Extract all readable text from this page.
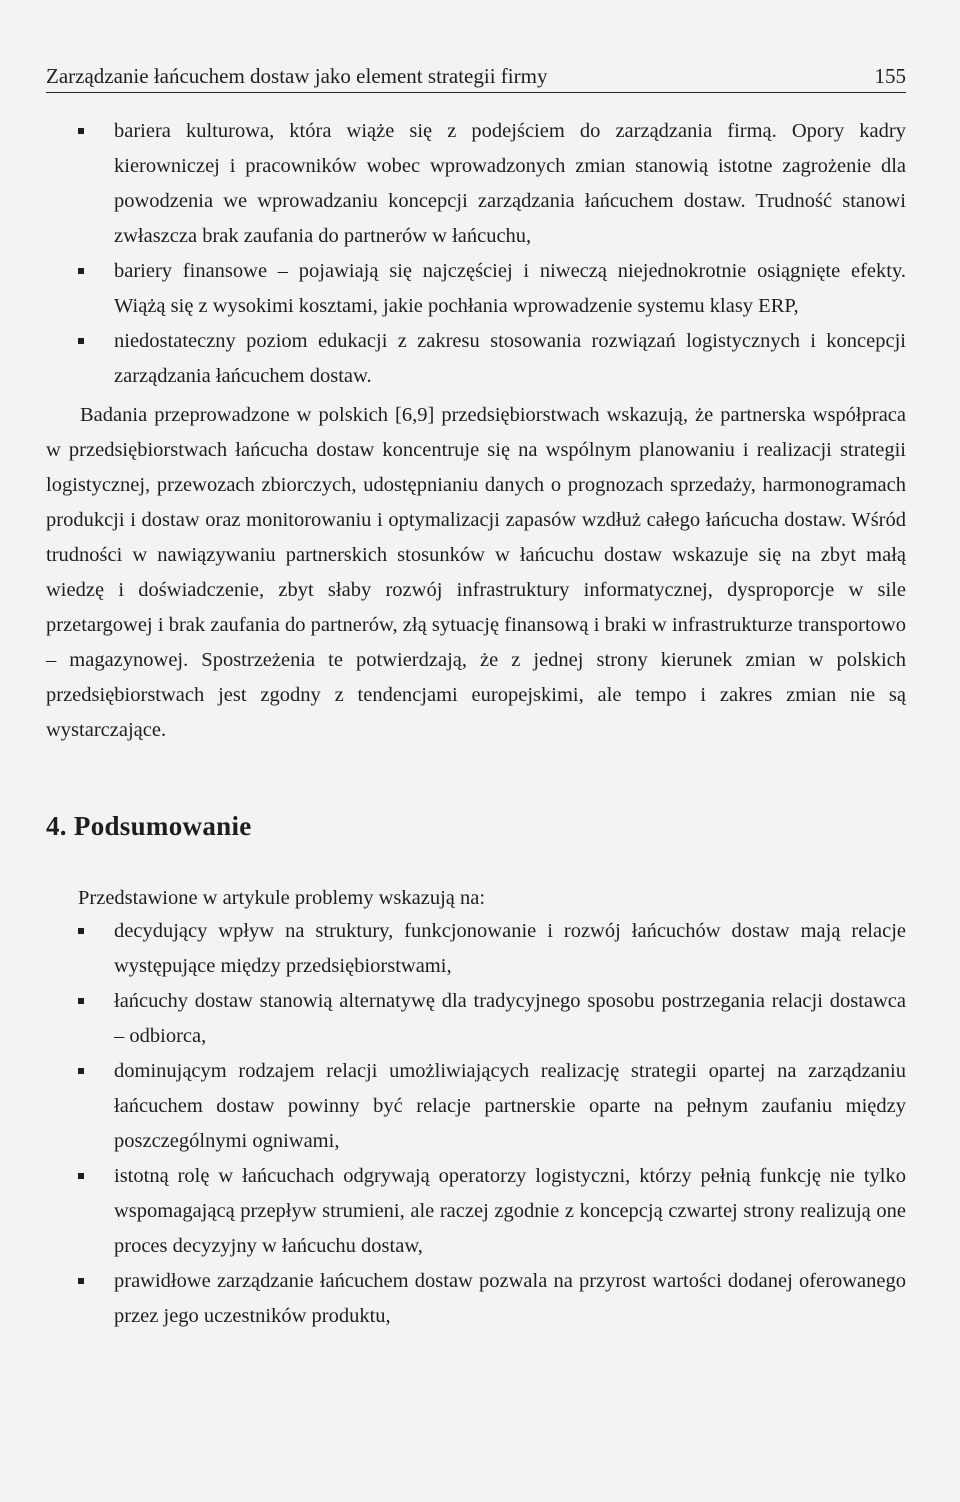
Zarządzanie łańcuchem dostaw jako element strategii firmy	155
bariera kulturowa, która wiąże się z podejściem do zarządzania firmą. Opory kadry kierowniczej i pracowników wobec wprowadzonych zmian stanowią istotne zagrożenie dla powodzenia we wprowadzaniu koncepcji zarządzania łańcuchem dostaw. Trudność stanowi zwłaszcza brak zaufania do partnerów w łańcuchu,
bariery finansowe – pojawiają się najczęściej i niweczą niejednokrotnie osiągnięte efekty. Wiążą się z wysokimi kosztami, jakie pochłania wprowadzenie systemu klasy ERP,
niedostateczny poziom edukacji z zakresu stosowania rozwiązań logistycznych i koncepcji zarządzania łańcuchem dostaw.

Badania przeprowadzone w polskich [6,9] przedsiębiorstwach wskazują, że partnerska współpraca w przedsiębiorstwach łańcucha dostaw koncentruje się na wspólnym planowaniu i realizacji strategii logistycznej, przewozach zbiorczych, udostępnianiu danych o prognozach sprzedaży, harmonogramach produkcji i dostaw oraz monitorowaniu i optymalizacji zapasów wzdłuż całego łańcucha dostaw. Wśród trudności w nawiązywaniu partnerskich stosunków w łańcuchu dostaw wskazuje się na zbyt małą wiedzę i doświadczenie, zbyt słaby rozwój infrastruktury informatycznej, dysproporcje w sile przetargowej i brak zaufania do partnerów, złą sytuację finansową i braki w infrastrukturze transportowo – magazynowej. Spostrzeżenia te potwierdzają, że z jednej strony kierunek zmian w polskich przedsiębiorstwach jest zgodny z tendencjami europejskimi, ale tempo i zakres zmian nie są wystarczające.

4. Podsumowanie

Przedstawione w artykule problemy wskazują na:

decydujący wpływ na struktury, funkcjonowanie i rozwój łańcuchów dostaw mają relacje występujące między przedsiębiorstwami,
łańcuchy dostaw stanowią alternatywę dla tradycyjnego sposobu postrzegania relacji dostawca – odbiorca,
dominującym rodzajem relacji umożliwiających realizację strategii opartej na zarządzaniu łańcuchem dostaw powinny być relacje partnerskie oparte na pełnym zaufaniu między poszczególnymi ogniwami,
istotną rolę w łańcuchach odgrywają operatorzy logistyczni, którzy pełnią funkcję nie tylko wspomagającą przepływ strumieni, ale raczej zgodnie z koncepcją czwartej strony realizują one proces decyzyjny w łańcuchu dostaw,
prawidłowe zarządzanie łańcuchem dostaw pozwala na przyrost wartości dodanej oferowanego przez jego uczestników produktu,
